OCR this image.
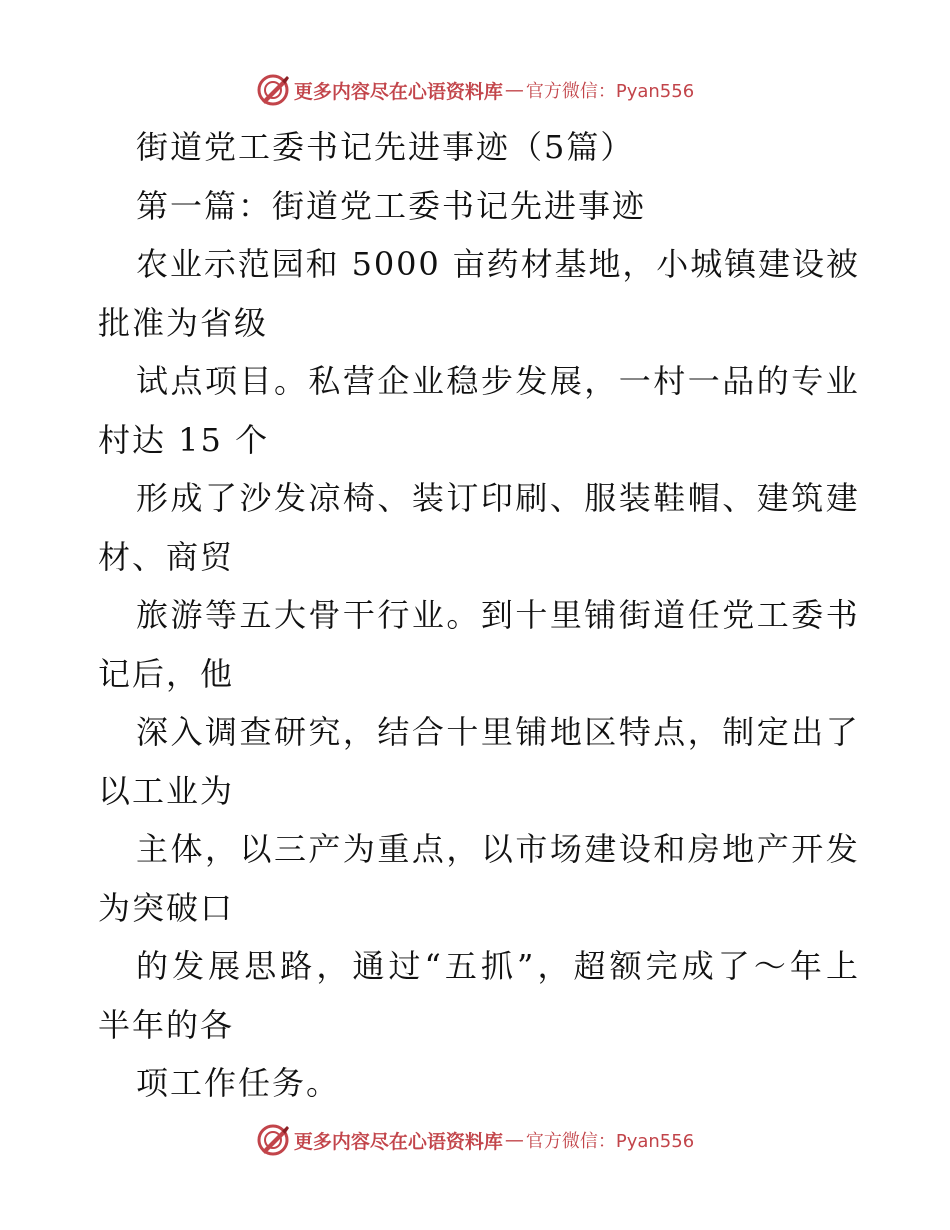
更多内容尽在心语资料库 — 官方微信：Pyan556
街道党工委书记先进事迹（5篇）
第一篇：街道党工委书记先进事迹
农 业 示 范 园 和
5 0 0 0
亩 药 材 基 地 ， 小 城 镇 建 设 被
批准为省级
试 点 项 目 。 私 营 企 业 稳 步 发 展 ， 一 村 一 品 的 专 业
村达 15 个
形 成 了 沙 发 凉 椅 、 装 订 印 刷 、 服 装 鞋 帽 、 建 筑 建
材、商贸
旅 游 等 五 大 骨 干 行 业 。 到 十 里 铺 街 道 任 党 工 委 书
记后，他
深 入 调 查 研 究 ， 结 合 十 里 铺 地 区 特 点 ， 制 定 出 了
以工业为
主 体 ， 以 三 产 为 重 点 ， 以 市 场 建 设 和 房 地 产 开 发
为突破口
的 发 展 思 路 ， 通 过 “ 五 抓 ” ， 超 额 完 成 了 ～ 年 上
半年的各
项工作任务。
更多内容尽在心语资料库 — 官方微信：Pyan556
